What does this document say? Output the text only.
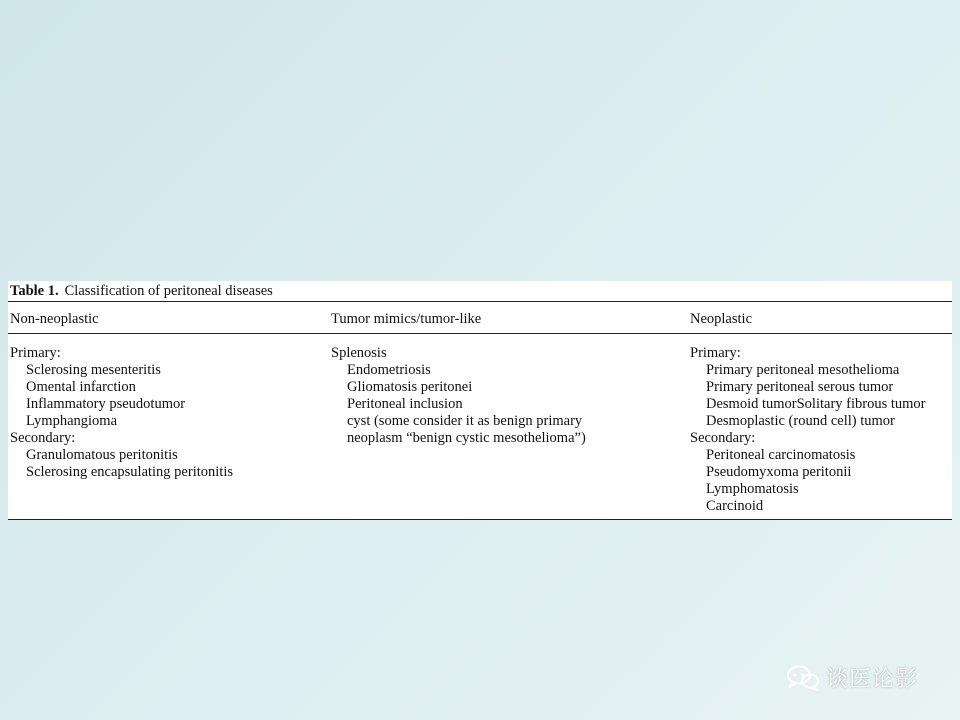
Table 1. Classification of peritoneal diseases
Non-neoplastic	Tumor mimics/tumor-like	Neoplastic
Primary:
Sclerosing mesenteritis
Omental infarction
Inflammatory pseudotumor
Lymphangioma
Secondary:
Granulomatous peritonitis
Sclerosing encapsulating peritonitis
Splenosis
Endometriosis
Gliomatosis peritonei
Peritoneal inclusion
cyst (some consider it as benign primary
neoplasm “benign cystic mesothelioma”)
Primary:
Primary peritoneal mesothelioma
Primary peritoneal serous tumor
Desmoid tumorSolitary fibrous tumor
Desmoplastic (round cell) tumor
Secondary:
Peritoneal carcinomatosis
Pseudomyxoma peritonii
Lymphomatosis
Carcinoid
谈医论影
